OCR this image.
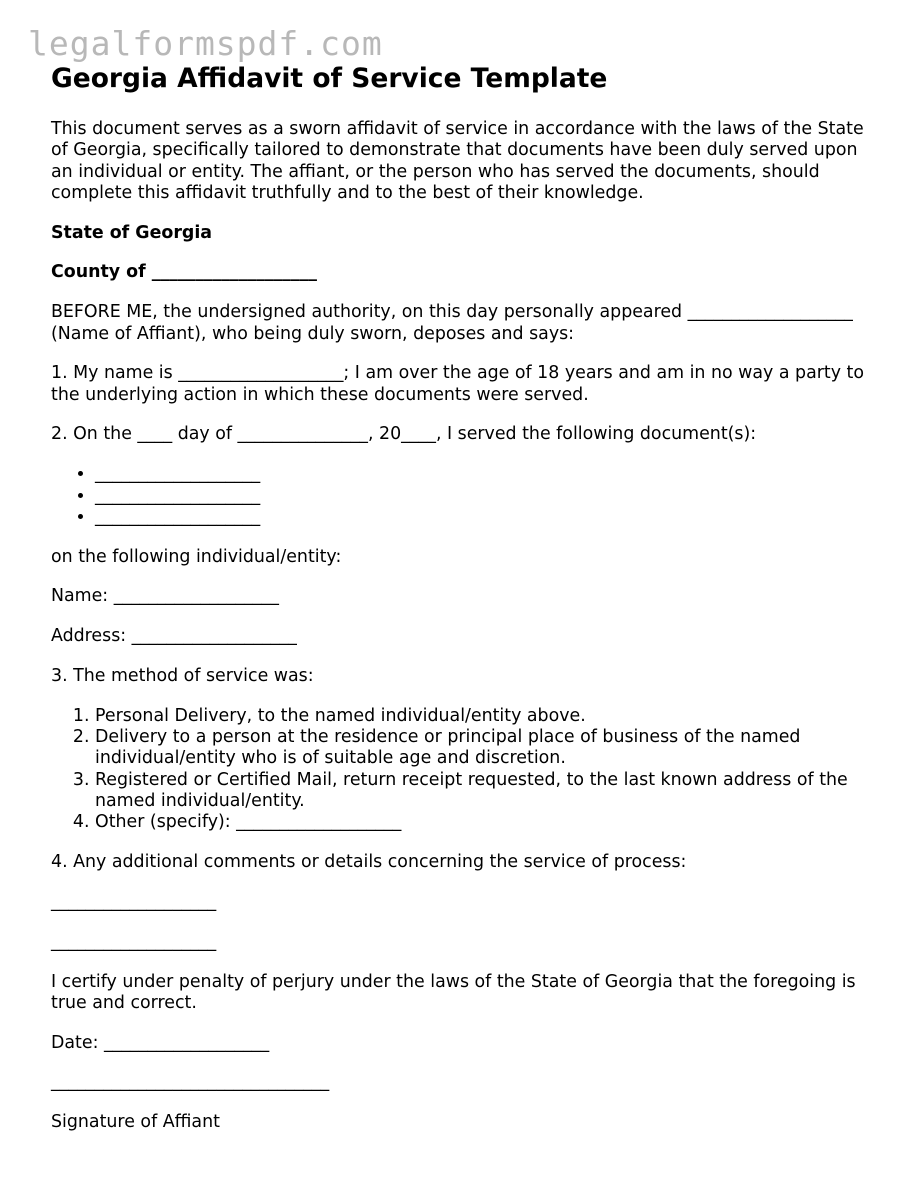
legalformspdf.com
Georgia Affidavit of Service Template

This document serves as a sworn affidavit of service in accordance with the laws of the State of Georgia, specifically tailored to demonstrate that documents have been duly served upon an individual or entity. The affiant, or the person who has served the documents, should complete this affidavit truthfully and to the best of their knowledge.

State of Georgia

County of ___________________

BEFORE ME, the undersigned authority, on this day personally appeared ___________________ (Name of Affiant), who being duly sworn, deposes and says:

1. My name is ___________________; I am over the age of 18 years and am in no way a party to the underlying action in which these documents were served.

2. On the ____ day of _______________, 20____, I served the following document(s):

• ___________________
• ___________________
• ___________________

on the following individual/entity:

Name: ___________________

Address: ___________________

3. The method of service was:

1. Personal Delivery, to the named individual/entity above.
2. Delivery to a person at the residence or principal place of business of the named individual/entity who is of suitable age and discretion.
3. Registered or Certified Mail, return receipt requested, to the last known address of the named individual/entity.
4. Other (specify): ___________________

4. Any additional comments or details concerning the service of process:

___________________
___________________

I certify under penalty of perjury under the laws of the State of Georgia that the foregoing is true and correct.

Date: ___________________

________________________________

Signature of Affiant
